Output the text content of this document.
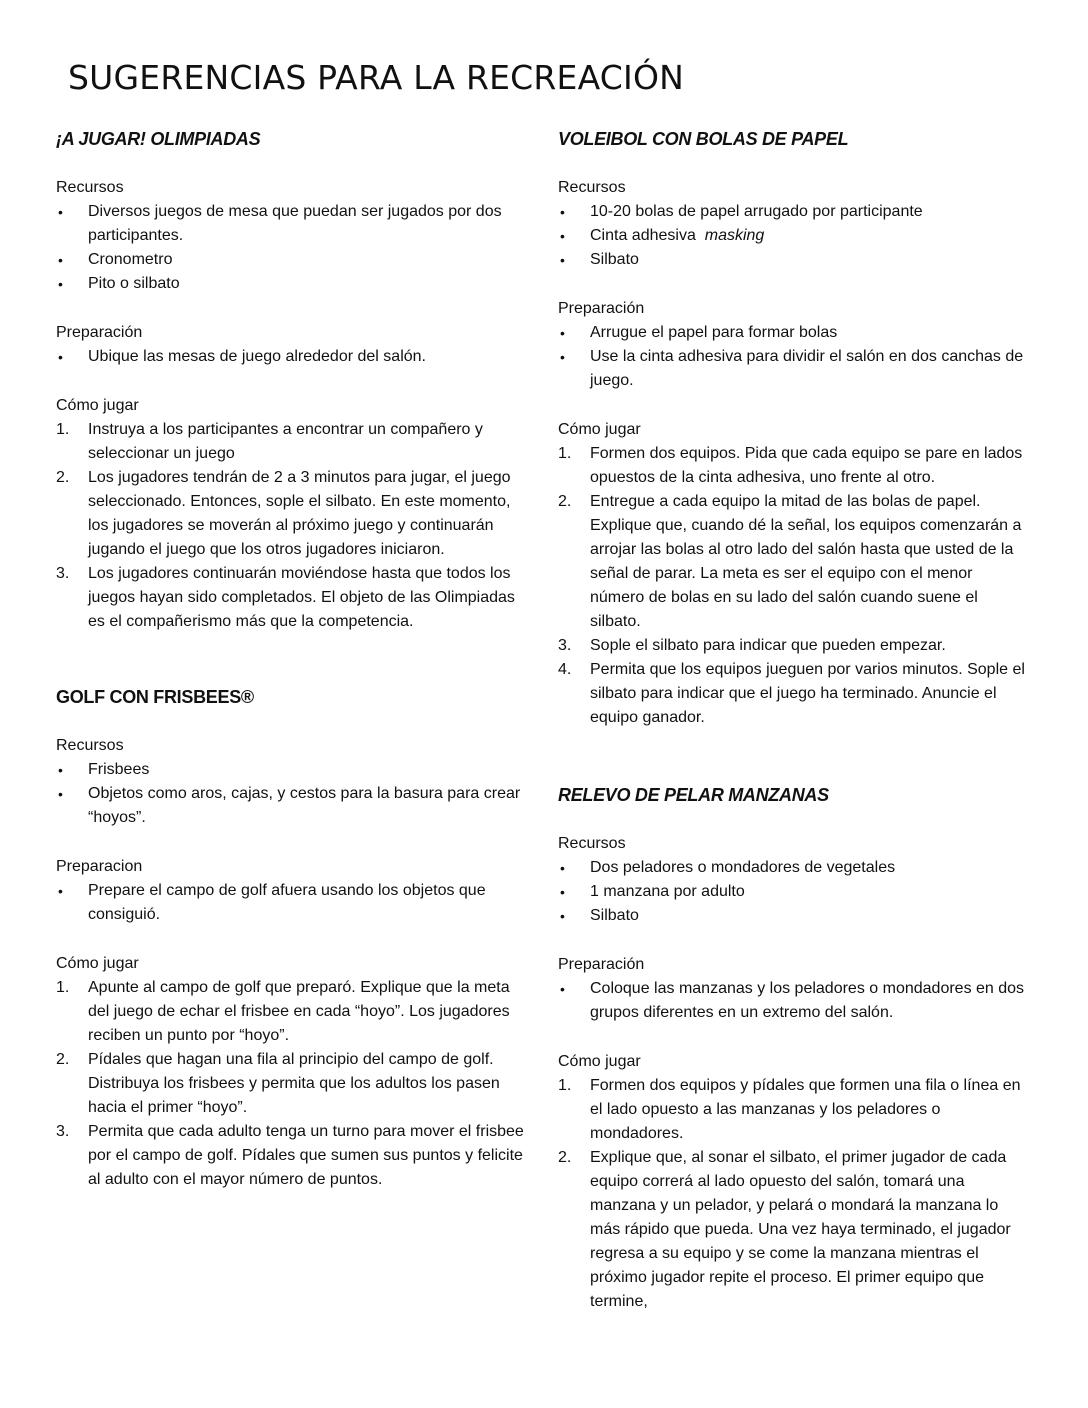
SUGERENCIAS PARA LA RECREACIÓN
¡A JUGAR! OLIMPIADAS

Recursos

• Diversos juegos de mesa que puedan ser jugados por dos participantes.
• Cronometro
• Pito o silbato

Preparación

• Ubique las mesas de juego alrededor del salón.

Cómo jugar

1. Instruya a los participantes a encontrar un compañero y seleccionar un juego
2. Los jugadores tendrán de 2 a 3 minutos para jugar, el juego seleccionado. Entonces, sople el silbato. En este momento, los jugadores se moverán al próximo juego y continuarán jugando el juego que los otros jugadores iniciaron.
3. Los jugadores continuarán moviéndose hasta que todos los juegos hayan sido completados. El objeto de las Olimpiadas es el compañerismo más que la competencia.
GOLF CON FRISBEES®

Recursos

• Frisbees
• Objetos como aros, cajas, y cestos para la basura para crear “hoyos”.

Preparacion

• Prepare el campo de golf afuera usando los objetos que consiguió.

Cómo jugar

1. Apunte al campo de golf que preparó. Explique que la meta del juego de echar el frisbee en cada “hoyo”. Los jugadores reciben un punto por “hoyo”.
2. Pídales que hagan una fila al principio del campo de golf. Distribuya los frisbees y permita que los adultos los pasen hacia el primer “hoyo”.
3. Permita que cada adulto tenga un turno para mover el frisbee por el campo de golf. Pídales que sumen sus puntos y felicite al adulto con el mayor número de puntos.
VOLEIBOL CON BOLAS DE PAPEL

Recursos

• 10-20 bolas de papel arrugado por participante
• Cinta adhesiva masking
• Silbato

Preparación

• Arrugue el papel para formar bolas
• Use la cinta adhesiva para dividir el salón en dos canchas de juego.

Cómo jugar

1. Formen dos equipos. Pida que cada equipo se pare en lados opuestos de la cinta adhesiva, uno frente al otro.
2. Entregue a cada equipo la mitad de las bolas de papel. Explique que, cuando dé la señal, los equipos comenzarán a arrojar las bolas al otro lado del salón hasta que usted de la señal de parar. La meta es ser el equipo con el menor número de bolas en su lado del salón cuando suene el silbato.
3. Sople el silbato para indicar que pueden empezar.
4. Permita que los equipos jueguen por varios minutos. Sople el silbato para indicar que el juego ha terminado. Anuncie el equipo ganador.
RELEVO DE PELAR MANZANAS

Recursos

• Dos peladores o mondadores de vegetales
• 1 manzana por adulto
• Silbato

Preparación

• Coloque las manzanas y los peladores o mondadores en dos grupos diferentes en un extremo del salón.

Cómo jugar

1. Formen dos equipos y pídales que formen una fila o línea en el lado opuesto a las manzanas y los peladores o mondadores.
2. Explique que, al sonar el silbato, el primer jugador de cada equipo correrá al lado opuesto del salón, tomará una manzana y un pelador, y pelará o mondará la manzana lo más rápido que pueda. Una vez haya terminado, el jugador regresa a su equipo y se come la manzana mientras el próximo jugador repite el proceso. El primer equipo que termine,
